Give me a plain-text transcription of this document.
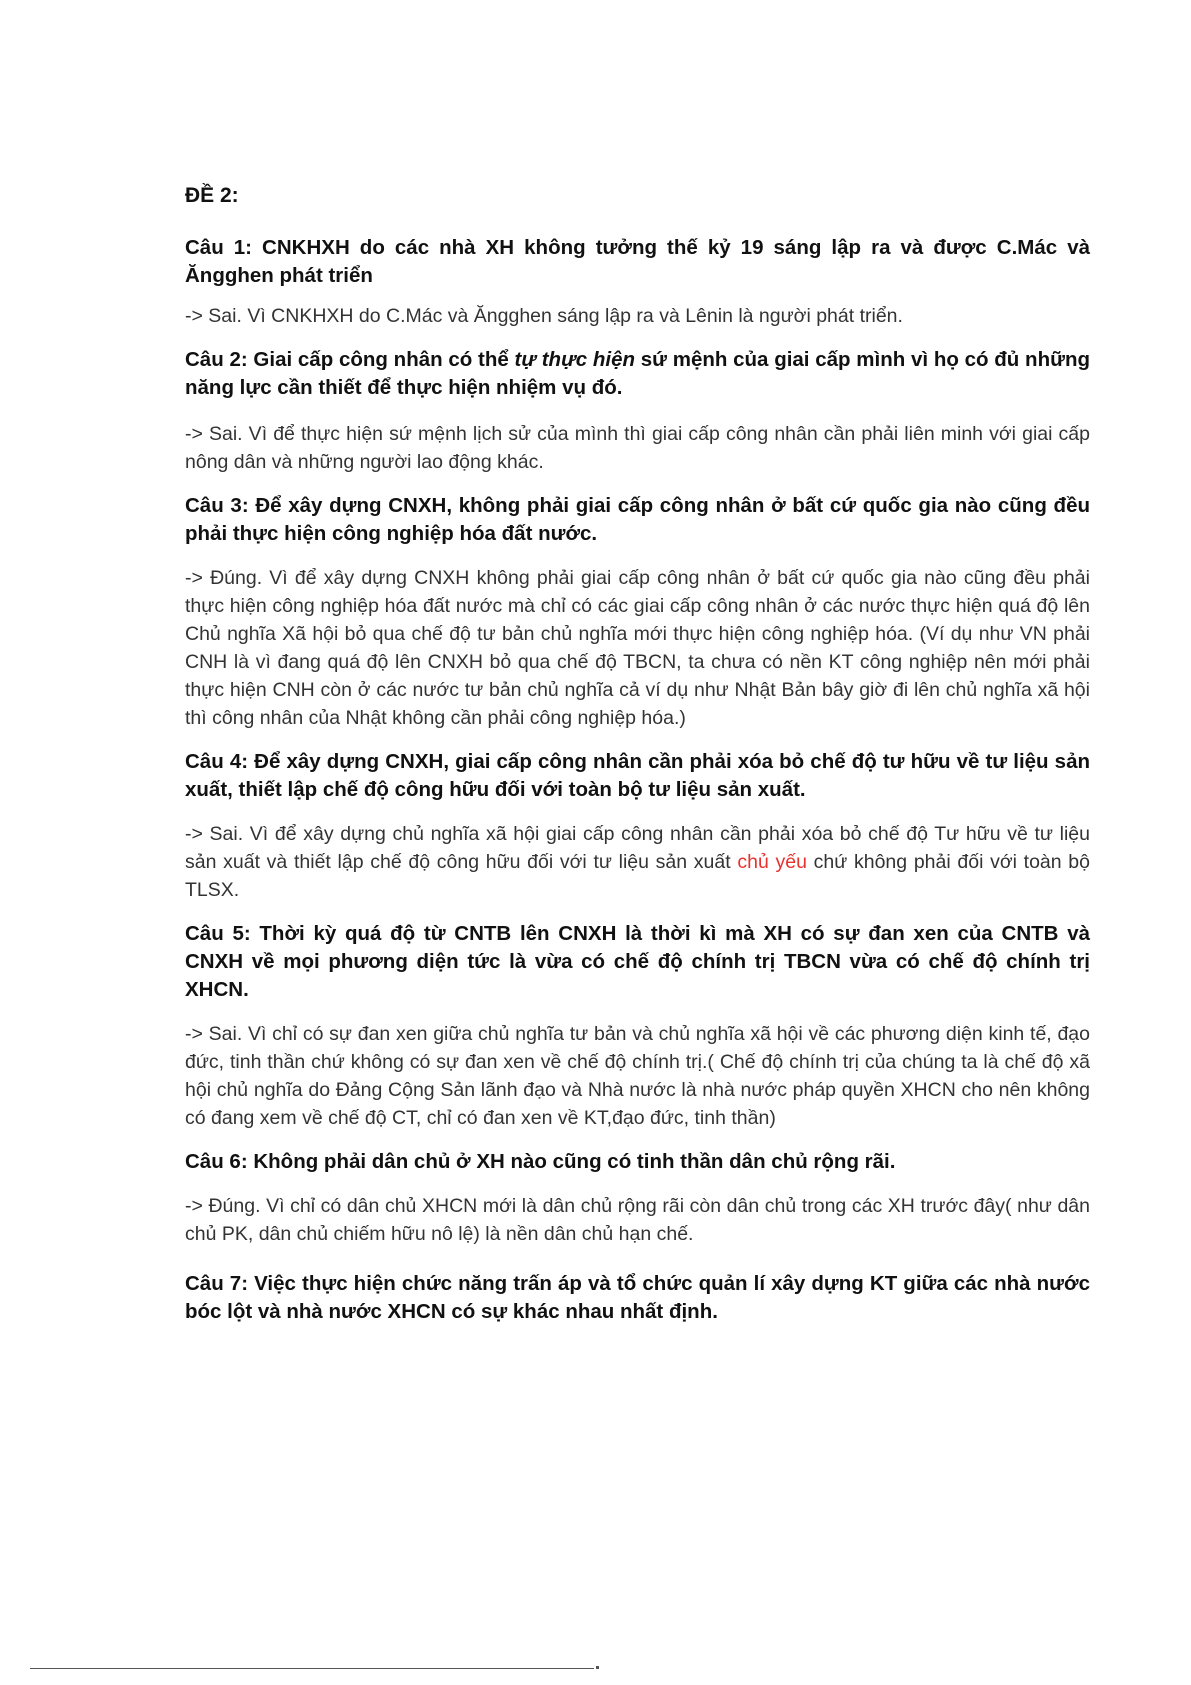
ĐỀ 2:

Câu 1: CNKHXH do các nhà XH không tưởng thế kỷ 19 sáng lập ra và được C.Mác và Ăngghen phát triển

-> Sai. Vì CNKHXH do C.Mác và Ăngghen sáng lập ra và Lênin là người phát triển.

Câu 2: Giai cấp công nhân có thể tự thực hiện sứ mệnh của giai cấp mình vì họ có đủ những năng lực cần thiết để thực hiện nhiệm vụ đó.

-> Sai. Vì để thực hiện sứ mệnh lịch sử của mình thì giai cấp công nhân cần phải liên minh với giai cấp nông dân và những người lao động khác.

Câu 3: Để xây dựng CNXH, không phải giai cấp công nhân ở bất cứ quốc gia nào cũng đều phải thực hiện công nghiệp hóa đất nước.

-> Đúng. Vì để xây dựng CNXH không phải giai cấp công nhân ở bất cứ quốc gia nào cũng đều phải thực hiện công nghiệp hóa đất nước mà chỉ có các giai cấp công nhân ở các nước thực hiện quá độ lên Chủ nghĩa Xã hội bỏ qua chế độ tư bản chủ nghĩa mới thực hiện công nghiệp hóa. (Ví dụ như VN phải CNH là vì đang quá độ lên CNXH bỏ qua chế độ TBCN, ta chưa có nền KT công nghiệp nên mới phải thực hiện CNH còn ở các nước tư bản chủ nghĩa cả ví dụ như Nhật Bản bây giờ đi lên chủ nghĩa xã hội thì công nhân của Nhật không cần phải công nghiệp hóa.)

Câu 4: Để xây dựng CNXH, giai cấp công nhân cần phải xóa bỏ chế độ tư hữu về tư liệu sản xuất, thiết lập chế độ công hữu đối với toàn bộ tư liệu sản xuất.

-> Sai. Vì để xây dựng chủ nghĩa xã hội giai cấp công nhân cần phải xóa bỏ chế độ Tư hữu về tư liệu sản xuất và thiết lập chế độ công hữu đối với tư liệu sản xuất chủ yếu chứ không phải đối với toàn bộ TLSX.

Câu 5: Thời kỳ quá độ từ CNTB lên CNXH là thời kì mà XH có sự đan xen của CNTB và CNXH về mọi phương diện tức là vừa có chế độ chính trị TBCN vừa có chế độ chính trị XHCN.

-> Sai. Vì chỉ có sự đan xen giữa chủ nghĩa tư bản và chủ nghĩa xã hội về các phương diện kinh tế, đạo đức, tinh thần chứ không có sự đan xen về chế độ chính trị.( Chế độ chính trị của chúng ta là chế độ xã hội chủ nghĩa do Đảng Cộng Sản lãnh đạo và Nhà nước là nhà nước pháp quyền XHCN cho nên không có đang xem về chế độ CT, chỉ có đan xen về KT,đạo đức, tinh thần)

Câu 6: Không phải dân chủ ở XH nào cũng có tinh thần dân chủ rộng rãi.

-> Đúng. Vì chỉ có dân chủ XHCN mới là dân chủ rộng rãi còn dân chủ trong các XH trước đây( như dân chủ PK, dân chủ chiếm hữu nô lệ) là nền dân chủ hạn chế.

Câu 7: Việc thực hiện chức năng trấn áp và tổ chức quản lí xây dựng KT giữa các nhà nước bóc lột và nhà nước XHCN có sự khác nhau nhất định.
